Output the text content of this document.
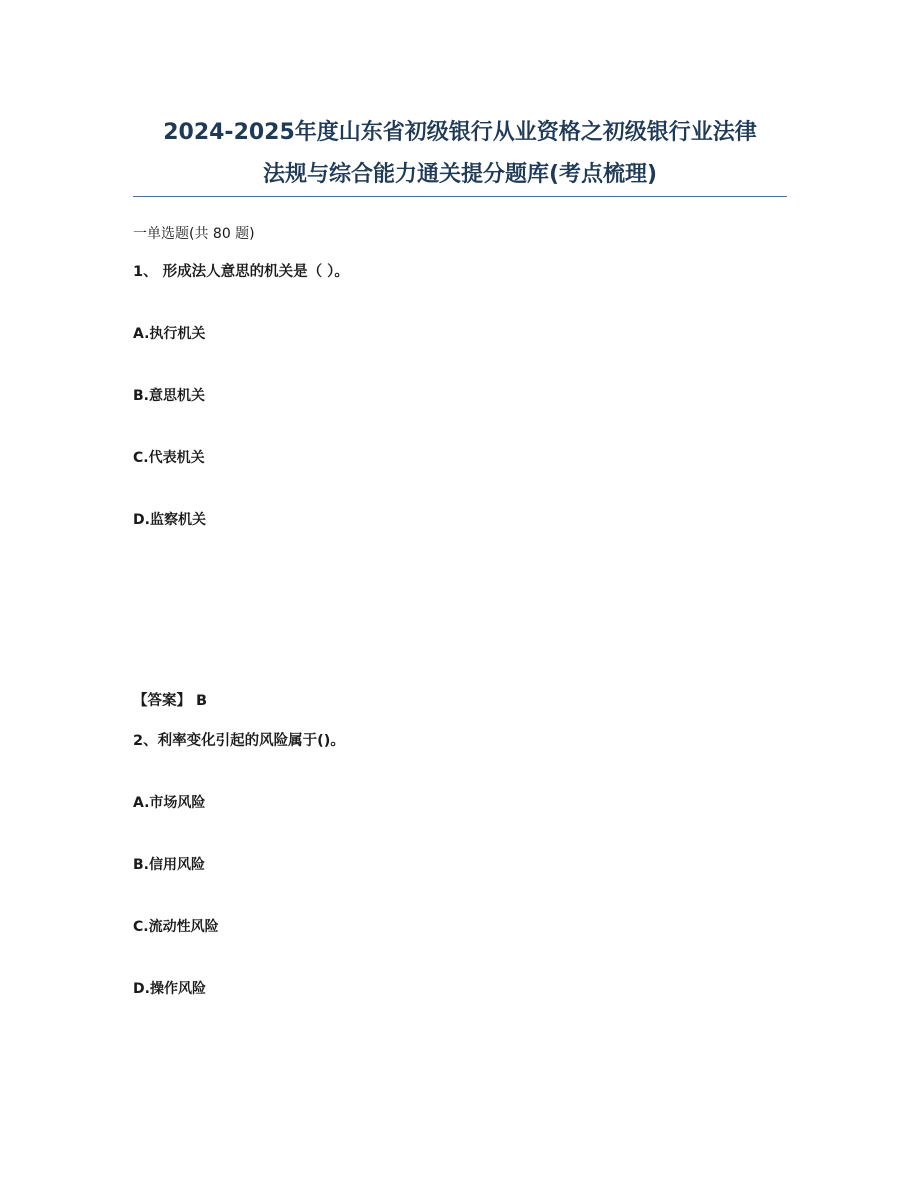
2024-2025年度山东省初级银行从业资格之初级银行业法律
法规与综合能力通关提分题库(考点梳理)

一单选题(共 80 题)

1、 形成法人意思的机关是（ ）。

A.执行机关

B.意思机关

C.代表机关

D.监察机关

【答案】 B

2、利率变化引起的风险属于()。

A.市场风险

B.信用风险

C.流动性风险

D.操作风险
